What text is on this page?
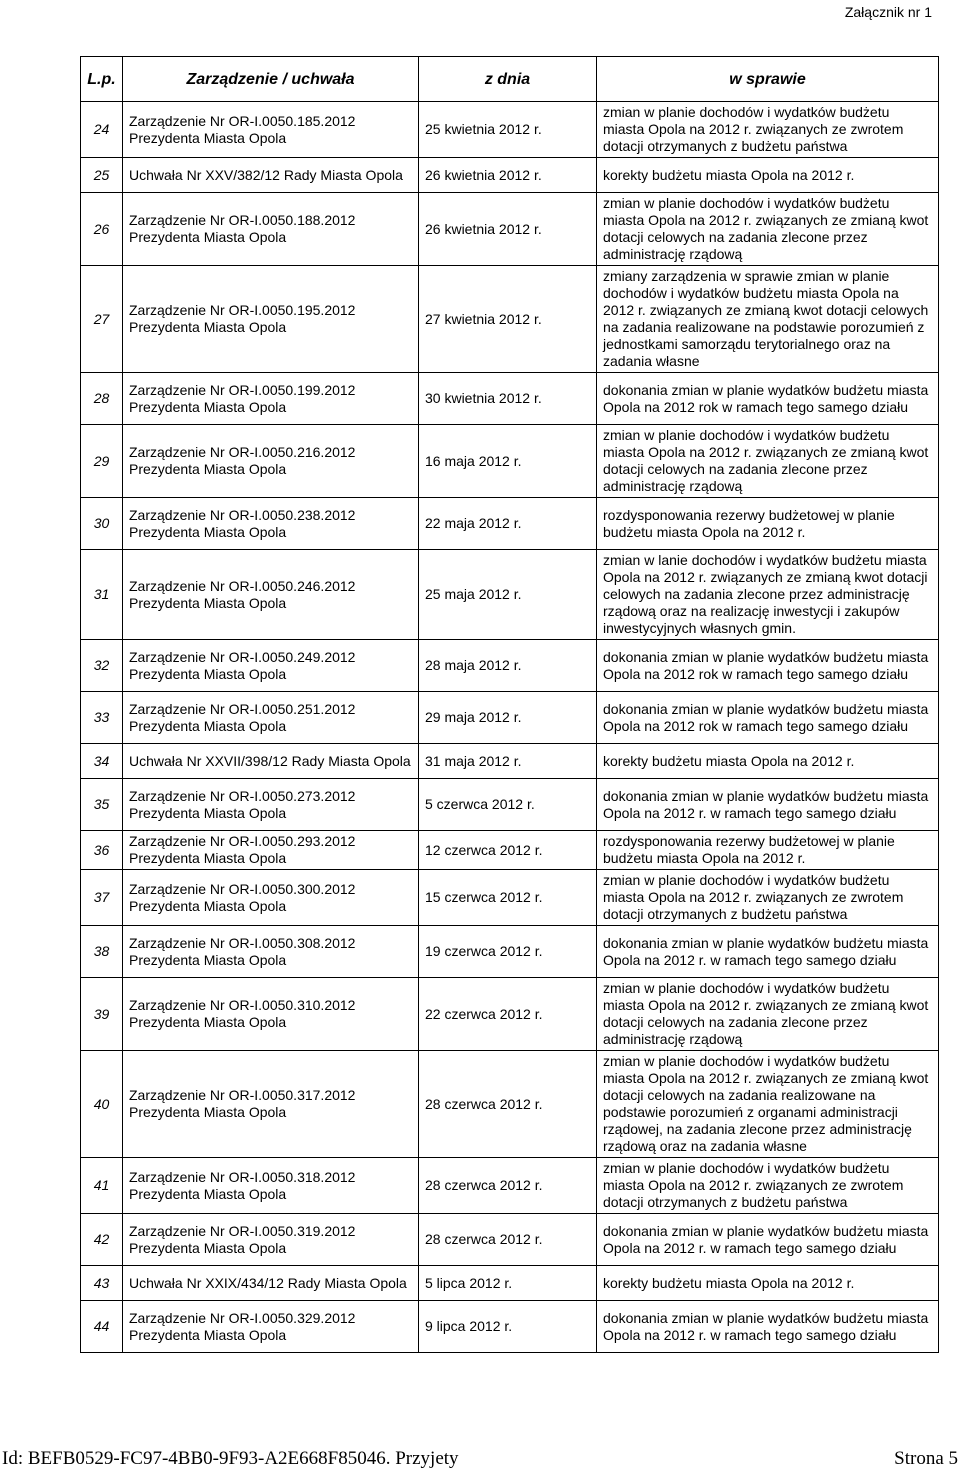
Załącznik nr 1
L.p.	Zarządzenie / uchwała	z dnia	w sprawie
24	Zarządzenie Nr OR-I.0050.185.2012 Prezydenta Miasta Opola	25 kwietnia 2012 r.	zmian w planie dochodów i wydatków budżetu miasta Opola na 2012 r. związanych ze zwrotem dotacji otrzymanych z budżetu państwa
25	Uchwała Nr XXV/382/12 Rady Miasta Opola	26 kwietnia 2012 r.	korekty budżetu miasta Opola na 2012 r.
26	Zarządzenie Nr OR-I.0050.188.2012 Prezydenta Miasta Opola	26 kwietnia 2012 r.	zmian w planie dochodów i wydatków budżetu miasta Opola na 2012 r. związanych ze zmianą kwot dotacji celowych na zadania zlecone przez administrację rządową
27	Zarządzenie Nr OR-I.0050.195.2012 Prezydenta Miasta Opola	27 kwietnia 2012 r.	zmiany zarządzenia w sprawie zmian w planie dochodów i wydatków budżetu miasta Opola na 2012 r. związanych ze zmianą kwot dotacji celowych na zadania realizowane na podstawie porozumień z jednostkami samorządu terytorialnego oraz na zadania własne
28	Zarządzenie Nr OR-I.0050.199.2012 Prezydenta Miasta Opola	30 kwietnia 2012 r.	dokonania zmian w planie wydatków budżetu miasta Opola na 2012 rok w ramach tego samego działu
29	Zarządzenie Nr OR-I.0050.216.2012 Prezydenta Miasta Opola	16 maja 2012 r.	zmian w planie dochodów i wydatków budżetu miasta Opola na 2012 r. związanych ze zmianą kwot dotacji celowych na zadania zlecone przez administrację rządową
30	Zarządzenie Nr OR-I.0050.238.2012 Prezydenta Miasta Opola	22 maja 2012 r.	rozdysponowania rezerwy budżetowej w planie budżetu miasta Opola na 2012 r.
31	Zarządzenie Nr OR-I.0050.246.2012 Prezydenta Miasta Opola	25 maja 2012 r.	zmian w lanie dochodów i wydatków budżetu miasta Opola na 2012 r. związanych ze zmianą kwot dotacji celowych na zadania zlecone przez administrację rządową oraz na realizację inwestycji i zakupów inwestycyjnych własnych gmin.
32	Zarządzenie Nr OR-I.0050.249.2012 Prezydenta Miasta Opola	28 maja 2012 r.	dokonania zmian w planie wydatków budżetu miasta Opola na 2012 rok w ramach tego samego działu
33	Zarządzenie Nr OR-I.0050.251.2012 Prezydenta Miasta Opola	29 maja 2012 r.	dokonania zmian w planie wydatków budżetu miasta Opola na 2012 rok w ramach tego samego działu
34	Uchwała Nr XXVII/398/12 Rady Miasta Opola	31 maja 2012 r.	korekty budżetu miasta Opola na 2012 r.
35	Zarządzenie Nr OR-I.0050.273.2012 Prezydenta Miasta Opola	5 czerwca 2012 r.	dokonania zmian w planie wydatków budżetu miasta Opola na 2012 r. w ramach tego samego działu
36	Zarządzenie Nr OR-I.0050.293.2012 Prezydenta Miasta Opola	12 czerwca 2012 r.	rozdysponowania rezerwy budżetowej w planie budżetu miasta Opola na 2012 r.
37	Zarządzenie Nr OR-I.0050.300.2012 Prezydenta Miasta Opola	15 czerwca 2012 r.	zmian w planie dochodów i wydatków budżetu miasta Opola na 2012 r. związanych ze zwrotem dotacji otrzymanych z budżetu państwa
38	Zarządzenie Nr OR-I.0050.308.2012 Prezydenta Miasta Opola	19 czerwca 2012 r.	dokonania zmian w planie wydatków budżetu miasta Opola na 2012 r. w ramach tego samego działu
39	Zarządzenie Nr OR-I.0050.310.2012 Prezydenta Miasta Opola	22 czerwca 2012 r.	zmian w planie dochodów i wydatków budżetu miasta Opola na 2012 r. związanych ze zmianą kwot dotacji celowych na zadania zlecone przez administrację rządową
40	Zarządzenie Nr OR-I.0050.317.2012 Prezydenta Miasta Opola	28 czerwca 2012 r.	zmian w planie dochodów i wydatków budżetu miasta Opola na 2012 r. związanych ze zmianą kwot dotacji celowych na zadania realizowane na podstawie porozumień z organami administracji rządowej, na zadania zlecone przez administrację rządową oraz na zadania własne
41	Zarządzenie Nr OR-I.0050.318.2012 Prezydenta Miasta Opola	28 czerwca 2012 r.	zmian w planie dochodów i wydatków budżetu miasta Opola na 2012 r. związanych ze zwrotem dotacji otrzymanych z budżetu państwa
42	Zarządzenie Nr OR-I.0050.319.2012 Prezydenta Miasta Opola	28 czerwca 2012 r.	dokonania zmian w planie wydatków budżetu miasta Opola na 2012 r. w ramach tego samego działu
43	Uchwała Nr XXIX/434/12 Rady Miasta Opola	5 lipca 2012 r.	korekty budżetu miasta Opola na 2012 r.
44	Zarządzenie Nr OR-I.0050.329.2012 Prezydenta Miasta Opola	9 lipca 2012 r.	dokonania zmian w planie wydatków budżetu miasta Opola na 2012 r. w ramach tego samego działu
Id: BEFB0529-FC97-4BB0-9F93-A2E668F85046. Przyjety	Strona 5
